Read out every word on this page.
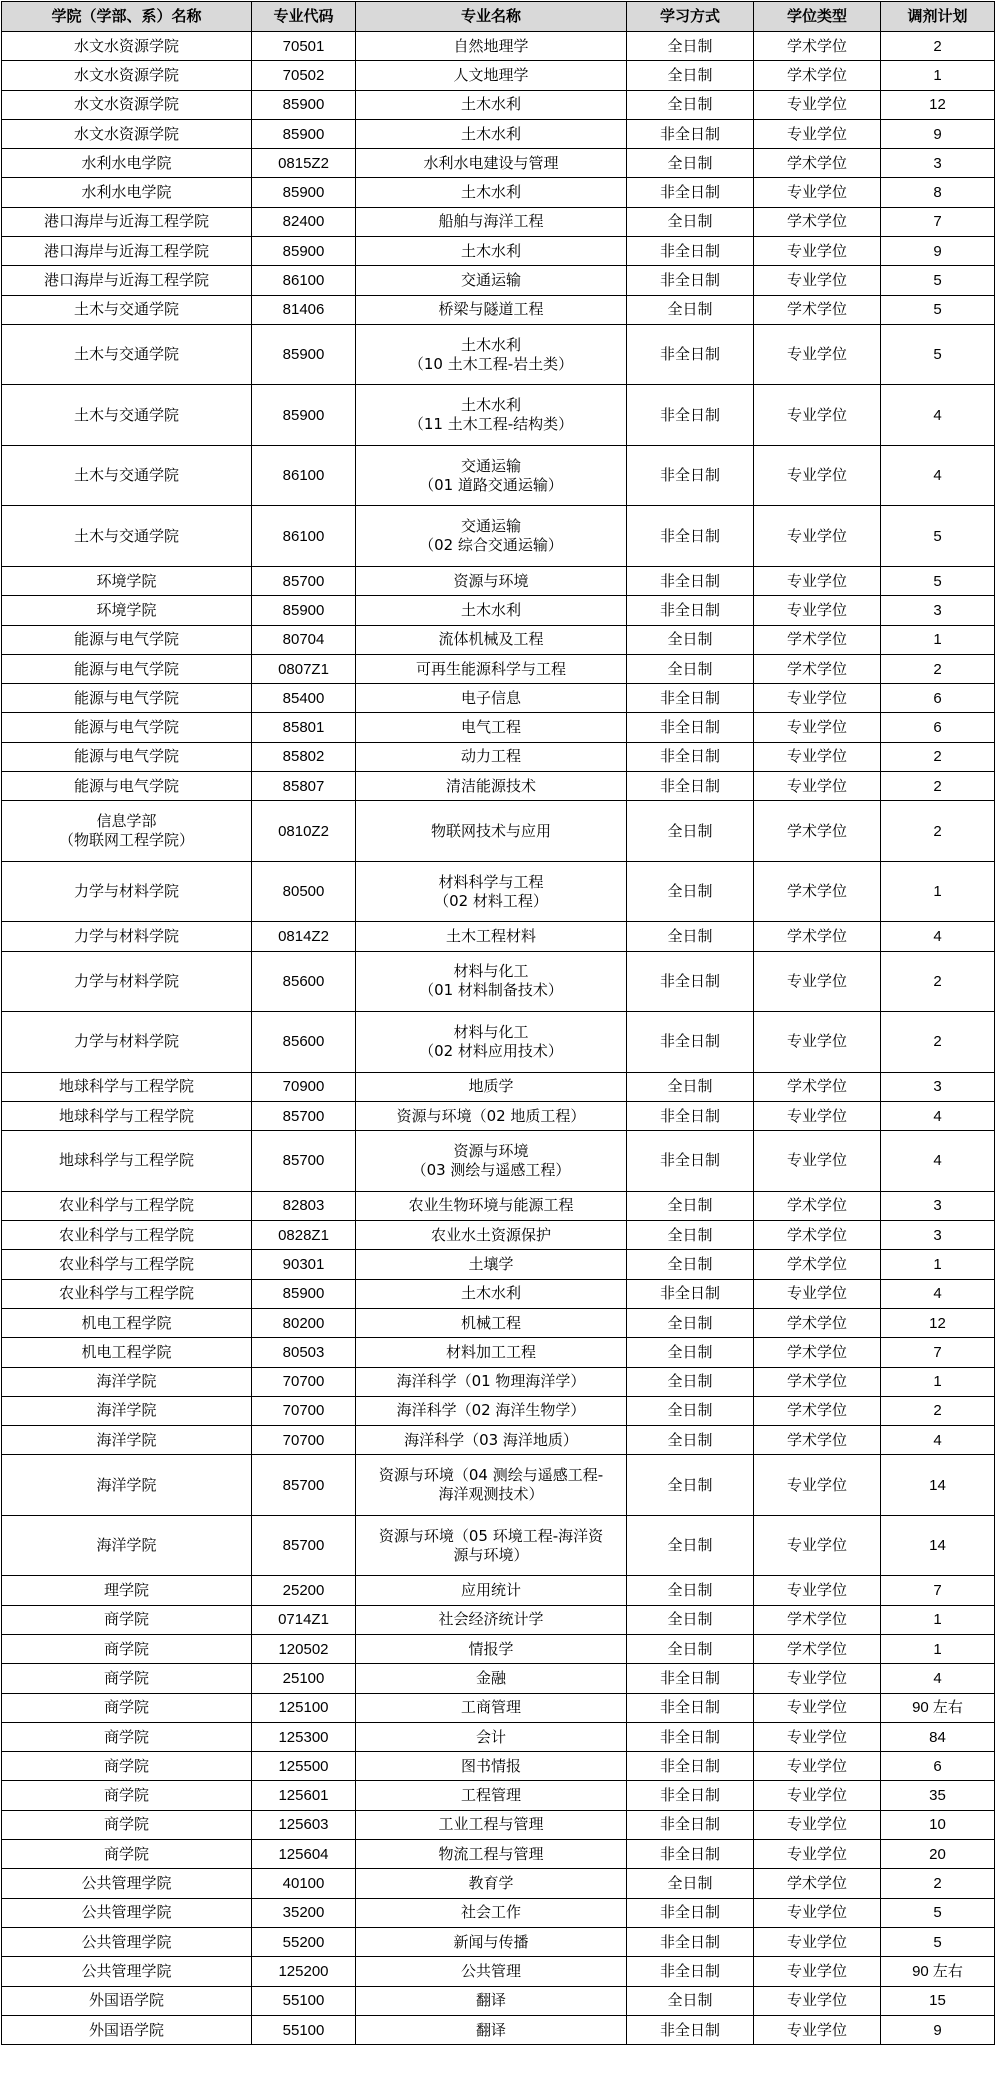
学院（学部、系）名称	专业代码	专业名称	学习方式	学位类型	调剂计划

水文水资源学院	70501	自然地理学	全日制	学术学位	2

水文水资源学院	70502	人文地理学	全日制	学术学位	1

水文水资源学院	85900	土木水利	全日制	专业学位	12

水文水资源学院	85900	土木水利	非全日制	专业学位	9

水利水电学院	0815Z2	水利水电建设与管理	全日制	学术学位	3

水利水电学院	85900	土木水利	非全日制	专业学位	8

港口海岸与近海工程学院	82400	船舶与海洋工程	全日制	学术学位	7

港口海岸与近海工程学院	85900	土木水利	非全日制	专业学位	9

港口海岸与近海工程学院	86100	交通运输	非全日制	专业学位	5

土木与交通学院	81406	桥梁与隧道工程	全日制	学术学位	5

土木与交通学院	85900	土木水利
（10 土木工程-岩土类）	非全日制	专业学位	5

土木与交通学院	85900	土木水利
（11 土木工程-结构类）	非全日制	专业学位	4

土木与交通学院	86100	交通运输
（01 道路交通运输）	非全日制	专业学位	4

土木与交通学院	86100	交通运输
（02 综合交通运输）	非全日制	专业学位	5

环境学院	85700	资源与环境	非全日制	专业学位	5

环境学院	85900	土木水利	非全日制	专业学位	3

能源与电气学院	80704	流体机械及工程	全日制	学术学位	1

能源与电气学院	0807Z1	可再生能源科学与工程	全日制	学术学位	2

能源与电气学院	85400	电子信息	非全日制	专业学位	6

能源与电气学院	85801	电气工程	非全日制	专业学位	6

能源与电气学院	85802	动力工程	非全日制	专业学位	2

能源与电气学院	85807	清洁能源技术	非全日制	专业学位	2

信息学部
（物联网工程学院）	0810Z2	物联网技术与应用	全日制	学术学位	2

力学与材料学院	80500	材料科学与工程
（02 材料工程）	全日制	学术学位	1

力学与材料学院	0814Z2	土木工程材料	全日制	学术学位	4

力学与材料学院	85600	材料与化工
（01 材料制备技术）	非全日制	专业学位	2

力学与材料学院	85600	材料与化工
（02 材料应用技术）	非全日制	专业学位	2

地球科学与工程学院	70900	地质学	全日制	学术学位	3

地球科学与工程学院	85700	资源与环境（02 地质工程）	非全日制	专业学位	4

地球科学与工程学院	85700	资源与环境
（03 测绘与遥感工程）	非全日制	专业学位	4

农业科学与工程学院	82803	农业生物环境与能源工程	全日制	学术学位	3

农业科学与工程学院	0828Z1	农业水土资源保护	全日制	学术学位	3

农业科学与工程学院	90301	土壤学	全日制	学术学位	1

农业科学与工程学院	85900	土木水利	非全日制	专业学位	4

机电工程学院	80200	机械工程	全日制	学术学位	12

机电工程学院	80503	材料加工工程	全日制	学术学位	7

海洋学院	70700	海洋科学（01 物理海洋学）	全日制	学术学位	1

海洋学院	70700	海洋科学（02 海洋生物学）	全日制	学术学位	2

海洋学院	70700	海洋科学（03 海洋地质）	全日制	学术学位	4

海洋学院	85700	资源与环境（04 测绘与遥感工程-
海洋观测技术）	全日制	专业学位	14

海洋学院	85700	资源与环境（05 环境工程-海洋资
源与环境）	全日制	专业学位	14

理学院	25200	应用统计	全日制	专业学位	7

商学院	0714Z1	社会经济统计学	全日制	学术学位	1

商学院	120502	情报学	全日制	学术学位	1

商学院	25100	金融	非全日制	专业学位	4

商学院	125100	工商管理	非全日制	专业学位	90 左右

商学院	125300	会计	非全日制	专业学位	84

商学院	125500	图书情报	非全日制	专业学位	6

商学院	125601	工程管理	非全日制	专业学位	35

商学院	125603	工业工程与管理	非全日制	专业学位	10

商学院	125604	物流工程与管理	非全日制	专业学位	20

公共管理学院	40100	教育学	全日制	学术学位	2

公共管理学院	35200	社会工作	非全日制	专业学位	5

公共管理学院	55200	新闻与传播	非全日制	专业学位	5

公共管理学院	125200	公共管理	非全日制	专业学位	90 左右

外国语学院	55100	翻译	全日制	专业学位	15

外国语学院	55100	翻译	非全日制	专业学位	9
